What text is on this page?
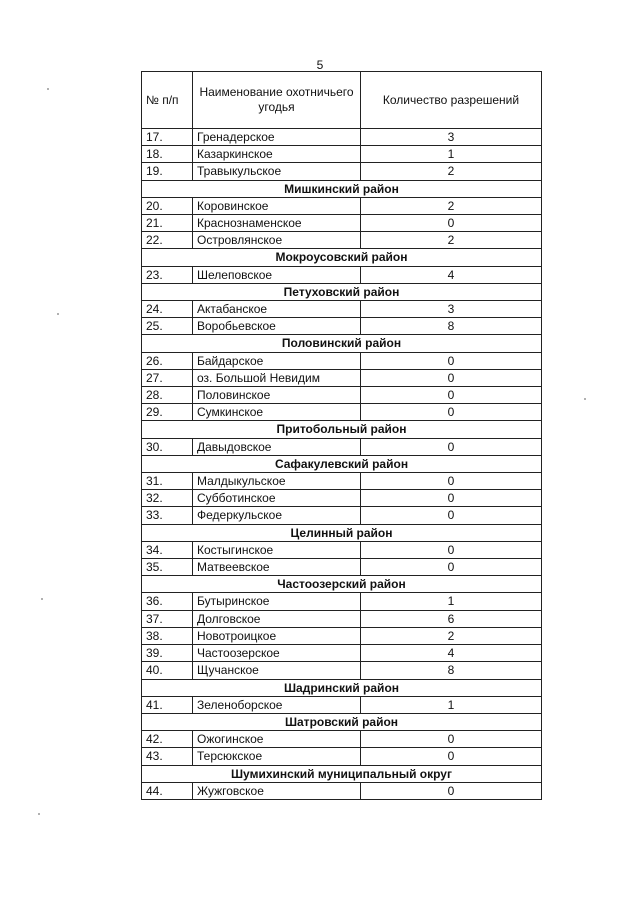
5
№ п/п	Наименование охотничьего угодья	Количество разрешений
17.	Гренадерское	3
18.	Казаркинское	1
19.	Травыкульское	2
Мишкинский район		
20.	Коровинское	2
21.	Краснознаменское	0
22.	Островлянское	2
Мокроусовский район		
23.	Шелеповское	4
Петуховский район		
24.	Актабанское	3
25.	Воробьевское	8
Половинский район		
26.	Байдарское	0
27.	оз. Большой Невидим	0
28.	Половинское	0
29.	Сумкинское	0
Притобольный район		
30.	Давыдовское	0
Сафакулевский район		
31.	Малдыкульское	0
32.	Субботинское	0
33.	Федеркульское	0
Целинный район		
34.	Костыгинское	0
35.	Матвеевское	0
Частоозерский район		
36.	Бутыринское	1
37.	Долговское	6
38.	Новотроицкое	2
39.	Частоозерское	4
40.	Щучанское	8
Шадринский район		
41.	Зеленоборское	1
Шатровский район		
42.	Ожогинское	0
43.	Терсюкское	0
Шумихинский муниципальный округ		
44.	Жужговское	0
